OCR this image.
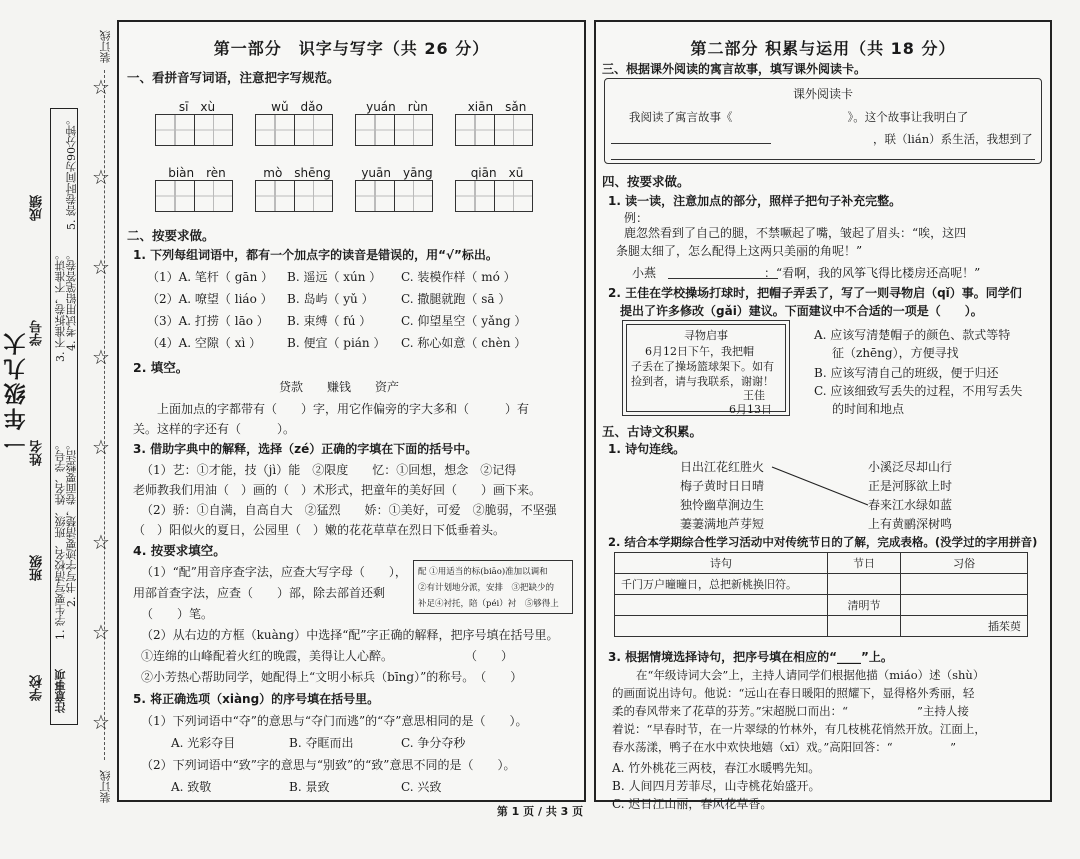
一年级九大
学校
班级
姓名
学号
成绩
注意事项
1. 学生要写清校名、班级、姓名、学号。
2. 书写字迹要清楚，卷面要整洁。
3. 不准拆卷，不准讲。
4. 考试用铅笔答卷。
5. 答卷时间为90分钟。
装订线
装订线
☆
☆
☆
☆
☆
☆
☆
☆
第一部分　识字与写字（共 26 分）
一、看拼音写词语，注意把字写规范。
sī　xù	wǔ　dǎo	yuán　rùn	xiān　sǎn
biàn　rèn	mò　shēng	yuān　yāng	qiān　xū
二、按要求做。
1. 下列每组词语中，都有一个加点字的读音是错误的，用“√”标出。
（1）A. 笔杆（ gān ） B. 遥远（ xún ） C. 装模作样（ mó ）
（2）A. 嘹望（ liáo ） B. 岛屿（ yǔ ） C. 撒腿就跑（ sā ）
（3）A. 打捞（ lāo ） B. 束缚（ fú ） C. 仰望星空（ yǎng ）
（4）A. 空隙（ xì ） B. 便宜（ pián ） C. 称心如意（ chèn ）
2. 填空。
贷款　　赚钱　　资产
上面加点的字都带有（　　）字，用它作偏旁的字大多和（　　　）有
关。这样的字还有（　　　）。
3. 借助字典中的解释，选择（zé）正确的字填在下面的括号中。
（1）艺：①才能，技（jì）能　②限度　　忆：①回想，想念　②记得
老师教我们用油（　）画的（　）术形式，把童年的美好回（　　）画下来。
（2）骄：①自满，自高自大　②猛烈　　娇：①美好，可爱　②脆弱，不坚强
（　）阳似火的夏日，公园里（　）嫩的花花草草在烈日下低垂着头。
4. 按要求填空。
（1）“配”用音序查字法，应查大写字母（　　），
用部首查字法，应查（　　）部，除去部首还剩
（　　）笔。
配 ①用适当的标(biāo)准加以调和
②有计划地分派，安排　③把缺少的
补足④衬托，陪（péi）衬　⑤够得上
（2）从右边的方框（kuàng）中选择“配”字正确的解释，把序号填在括号里。
①连绵的山峰配着火红的晚霞，美得让人心醉。　　　　　　　（　　）
②小芳热心帮助同学，她配得上“文明小标兵（bīng）”的称号。　（　　）
5. 将正确选项（xiàng）的序号填在括号里。
（1）下列词语中“夺”的意思与“夺门而逃”的“夺”意思相同的是（　　）。
A. 光彩夺目	B. 夺眶而出	C. 争分夺秒
（2）下列词语中“致”字的意思与“别致”的“致”意思不同的是（　　）。
A. 致敬	B. 景致	C. 兴致
第二部分 积累与运用（共 18 分）
三、根据课外阅读的寓言故事，填写课外阅读卡。
课外阅读卡
我阅读了寓言故事《　　　　　　　　　　》。这个故事让我明白了
，联（lián）系生活，我想到了
四、按要求做。
1. 读一读，注意加点的部分，照样子把句子补充完整。
例：
鹿忽然看到了自己的腿，不禁噘起了嘴，皱起了眉头：“唉，这四
条腿太细了，怎么配得上这两只美丽的角呢！”
小燕　　　　　　　　　：“看啊，我的风筝飞得比楼房还高呢！”
2. 王佳在学校操场打球时，把帽子弄丢了，写了一则寻物启（qǐ）事。同学们
提出了许多修改（gǎi）建议。下面建议中不合适的一项是（　　）。
寻物启事
6月12日下午，我把帽
子丢在了操场篮球架下。如有
捡到者，请与我联系，谢谢！
王佳
6月13日
A. 应该写清楚帽子的颜色、款式等特
征（zhēng），方便寻找
B. 应该写清自己的班级，便于归还
C. 应该细致写丢失的过程，不用写丢失
的时间和地点
五、古诗文积累。
1. 诗句连线。
日出江花红胜火
梅子黄时日日晴
独怜幽草涧边生
萋萋满地芦芽短
小溪泛尽却山行
正是河豚欲上时
春来江水绿如蓝
上有黄鹂深树鸣
2. 结合本学期综合性学习活动中对传统节日的了解，完成表格。(没学过的字用拼音)
诗句	节日	习俗
千门万户曈曈日，总把新桃换旧符。		
	清明节	
		插茱萸
3. 根据情境选择诗句，把序号填在相应的“____”上。
在“年级诗词大会”上，主持人请同学们根据他描（miáo）述（shù）
的画面说出诗句。他说：“远山在春日暖阳的照耀下，显得格外秀丽，轻
柔的春风带来了花草的芬芳。”宋超脱口而出：“　　　　　　”主持人接
着说：“早春时节，在一片翠绿的竹林外，有几枝桃花悄然开放。江面上，
春水荡漾，鸭子在水中欢快地嬉（xī）戏。”高阳回答：“　　　　　”
A. 竹外桃花三两枝，春江水暖鸭先知。
B. 人间四月芳菲尽，山寺桃花始盛开。
C. 迟日江山丽，春风花草香。
第 1 页 / 共 3 页
